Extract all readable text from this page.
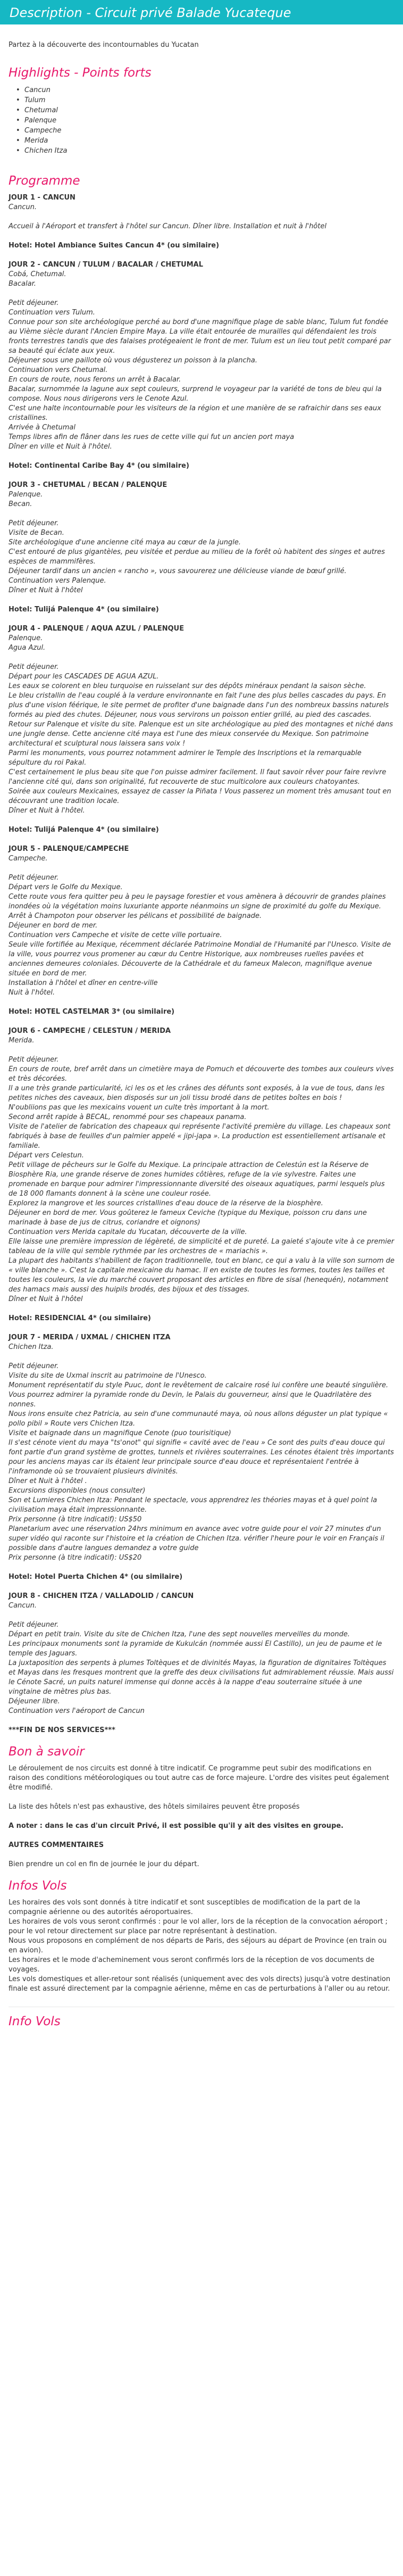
Description - Circuit privé Balade Yucateque

Partez à la découverte des incontournables du Yucatan

Highlights - Points forts
• Cancun
• Tulum
• Chetumal
• Palenque
• Campeche
• Merida
• Chichen Itza
Programme
JOUR 1 - CANCUN

Cancun.

Accueil à l'Aéroport et transfert à l'hôtel sur Cancun. Dîner libre. Installation et nuit à l'hôtel

Hotel: Hotel Ambiance Suites Cancun 4* (ou similaire)
JOUR 2 - CANCUN / TULUM / BACALAR / CHETUMAL

Cobá, Chetumal.

Bacalar.

Petit déjeuner.

Continuation vers Tulum.

Connue pour son site archéologique perché au bord d'une magnifique plage de sable blanc, Tulum fut fondée au Vième siècle durant l'Ancien Empire Maya. La ville était entourée de murailles qui défendaient les trois fronts terrestres tandis que des falaises protégeaient le front de mer. Tulum est un lieu tout petit comparé par sa beauté qui éclate aux yeux.

Déjeuner sous une paillote où vous dégusterez un poisson à la plancha.

Continuation vers Chetumal.

En cours de route, nous ferons un arrêt à Bacalar.

Bacalar, surnommée la lagune aux sept couleurs, surprend le voyageur par la variété de tons de bleu qui la compose. Nous nous dirigerons vers le Cenote Azul.

C'est une halte incontournable pour les visiteurs de la région et une manière de se rafraichir dans ses eaux cristallines.

Arrivée à Chetumal

Temps libres afin de flâner dans les rues de cette ville qui fut un ancien port maya

Dîner en ville et Nuit à l'hôtel.

Hotel: Continental Caribe Bay 4* (ou similaire)
JOUR 3 - CHETUMAL / BECAN / PALENQUE

Palenque.

Becan.

Petit déjeuner.

Visite de Becan.

Site archéologique d'une ancienne cité maya au cœur de la jungle.

C'est entouré de plus gigantèles, peu visitée et perdue au milieu de la forêt où habitent des singes et autres espèces de mammifères.

Déjeuner tardif dans un ancien « rancho », vous savourerez une délicieuse viande de bœuf grillé.

Continuation vers Palenque.

Dîner et Nuit à l'hôtel

Hotel: Tulijá Palenque 4* (ou similaire)
JOUR 4 - PALENQUE / AQUA AZUL / PALENQUE

Palenque.

Agua Azul.

Petit déjeuner.

Départ pour les CASCADES DE AGUA AZUL.

Les eaux se colorent en bleu turquoise en ruisselant sur des dépôts minéraux pendant la saison sèche.

Le bleu cristallin de l'eau couplé à la verdure environnante en fait l'une des plus belles cascades du pays. En plus d'une vision féérique, le site permet de profiter d'une baignade dans l'un des nombreux bassins naturels formés au pied des chutes. Déjeuner, nous vous servirons un poisson entier grillé, au pied des cascades.

Retour sur Palenque et visite du site. Palenque est un site archéologique au pied des montagnes et niché dans une jungle dense. Cette ancienne cité maya est l'une des mieux conservée du Mexique. Son patrimoine architectural et sculptural nous laissera sans voix !

Parmi les monuments, vous pourrez notamment admirer le Temple des Inscriptions et la remarquable sépulture du roi Pakal.

C'est certainement le plus beau site que l'on puisse admirer facilement. Il faut savoir rêver pour faire revivre l'ancienne cité qui, dans son originalité, fut recouverte de stuc multicolore aux couleurs chatoyantes.

Soirée aux couleurs Mexicaines, essayez de casser la Piñata ! Vous passerez un moment très amusant tout en découvrant une tradition locale.

Dîner et Nuit à l'hôtel.

Hotel: Tulijá Palenque 4* (ou similaire)
JOUR 5 - PALENQUE/CAMPECHE

Campeche.

Petit déjeuner.

Départ vers le Golfe du Mexique.

Cette route vous fera quitter peu à peu le paysage forestier et vous amènera à découvrir de grandes plaines inondées où la végétation moins luxuriante apporte néanmoins un signe de proximité du golfe du Mexique. Arrêt à Champoton pour observer les pélicans et possibilité de baignade.

Déjeuner en bord de mer.

Continuation vers Campeche et visite de cette ville portuaire.

Seule ville fortifiée au Mexique, récemment déclarée Patrimoine Mondial de l'Humanité par l'Unesco. Visite de la ville, vous pourrez vous promener au cœur du Centre Historique, aux nombreuses ruelles pavées et anciennes demeures coloniales. Découverte de la Cathédrale et du fameux Malecon, magnifique avenue située en bord de mer.

Installation à l'hôtel et dîner en centre-ville

Nuit à l'hôtel.

Hotel: HOTEL CASTELMAR 3* (ou similaire)
JOUR 6 - CAMPECHE / CELESTUN / MERIDA

Merida.

Petit déjeuner.

En cours de route, bref arrêt dans un cimetière maya de Pomuch et découverte des tombes aux couleurs vives et très décorées.

Il a une très grande particularité, ici les os et les crânes des défunts sont exposés, à la vue de tous, dans les petites niches des caveaux, bien disposés sur un joli tissu brodé dans de petites boîtes en bois !

N'oubliions pas que les mexicains vouent un culte très important à la mort.

Second arrêt rapide à BECAL, renommé pour ses chapeaux panama.

Visite de l'atelier de fabrication des chapeaux qui représente l'activité première du village. Les chapeaux sont fabriqués à base de feuilles d'un palmier appelé « jipi-japa ». La production est essentiellement artisanale et familiale.

Départ vers Celestun.

Petit village de pêcheurs sur le Golfe du Mexique. La principale attraction de Celestún est la Réserve de Biosphère Ria, une grande réserve de zones humides côtières, refuge de la vie sylvestre. Faites une promenade en barque pour admirer l'impressionnante diversité des oiseaux aquatiques, parmi lesquels plus de 18 000 flamants donnent à la scène une couleur rosée.

Explorez la mangrove et les sources cristallines d'eau douce de la réserve de la biosphère.

Déjeuner en bord de mer. Vous goûterez le fameux Ceviche (typique du Mexique, poisson cru dans une marinade à base de jus de citrus, coriandre et oignons)

Continuation vers Merida capitale du Yucatan, découverte de la ville.

Elle laisse une première impression de légèreté, de simplicité et de pureté. La gaieté s'ajoute vite à ce premier tableau de la ville qui semble rythmée par les orchestres de « mariachis ».

La plupart des habitants s'habillent de façon traditionnelle, tout en blanc, ce qui a valu à la ville son surnom de « ville blanche ». C'est la capitale mexicaine du hamac. Il en existe de toutes les formes, toutes les tailles et toutes les couleurs, la vie du marché couvert proposant des articles en fibre de sisal (henequén), notamment des hamacs mais aussi des huipils brodés, des bijoux et des tissages.

Dîner et Nuit à l'hôtel

Hotel: RESIDENCIAL 4* (ou similaire)
JOUR 7 - MERIDA / UXMAL / CHICHEN ITZA

Chichen Itza.

Petit déjeuner.

Visite du site de Uxmal inscrit au patrimoine de l'Unesco.

Monument représentatif du style Puuc, dont le revêtement de calcaire rosé lui confère une beauté singulière.

Vous pourrez admirer la pyramide ronde du Devin, le Palais du gouverneur, ainsi que le Quadrilatère des nonnes.

Nous irons ensuite chez Patricia, au sein d'une communauté maya, où nous allons déguster un plat typique « pollo pibil » Route vers Chichen Itza.

Visite et baignade dans un magnifique Cenote (puo tourisitique)

Il s'est cénote vient du maya "ts'onot" qui signifie « cavité avec de l'eau » Ce sont des puits d'eau douce qui font partie d'un grand système de grottes, tunnels et rivières souterraines. Les cénotes étaient très importants pour les anciens mayas car ils étaient leur principale source d'eau douce et représentaient l'entrée à l'inframonde où se trouvaient plusieurs divinités.

Dîner et Nuit à l'hôtel .

Excursions disponibles (nous consulter)

Son et Lumieres Chichen Itza: Pendant le spectacle, vous apprendrez les théories mayas et à quel point la civilisation maya était impressionnante.

Prix personne (à titre indicatif): US$50

Planetarium avec une réservation 24hrs minimum en avance avec votre guide pour el voir 27 minutes d'un super vidéo qui raconte sur l'histoire et la création de Chichen Itza. vérifier l'heure pour le voir en Français il possible dans d'autre langues demandez a votre guide

Prix personne (à titre indicatif): US$20

Hotel: Hotel Puerta Chichen 4* (ou similaire)
JOUR 8 - CHICHEN ITZA / VALLADOLID / CANCUN

Cancun.

Petit déjeuner.

Départ en petit train. Visite du site de Chichen Itza, l'une des sept nouvelles merveilles du monde.

Les principaux monuments sont la pyramide de Kukulcán (nommée aussi El Castillo), un jeu de paume et le temple des Jaguars.

La juxtaposition des serpents à plumes Toltèques et de divinités Mayas, la figuration de dignitaires Toltèques et Mayas dans les fresques montrent que la greffe des deux civilisations fut admirablement réussie. Mais aussi le Cénote Sacré, un puits naturel immense qui donne accès à la nappe d'eau souterraine située à une vingtaine de mètres plus bas.

Déjeuner libre.

Continuation vers l'aéroport de Cancun

***FIN DE NOS SERVICES***
Bon à savoir

Le déroulement de nos circuits est donné à titre indicatif. Ce programme peut subir des modifications en raison des conditions météorologiques ou tout autre cas de force majeure. L'ordre des visites peut également être modifié.

La liste des hôtels n'est pas exhaustive, des hôtels similaires peuvent être proposés

A noter : dans le cas d'un circuit Privé, il est possible qu'il y ait des visites en groupe.

AUTRES COMMENTAIRES

Bien prendre un col en fin de journée le jour du départ.

Infos Vols

Les horaires des vols sont donnés à titre indicatif et sont susceptibles de modification de la part de la compagnie aérienne ou des autorités aéroportuaires.

Les horaires de vols vous seront confirmés : pour le vol aller, lors de la réception de la convocation aéroport ; pour le vol retour directement sur place par notre représentant à destination.

Nous vous proposons en complément de nos départs de Paris, des séjours au départ de Province (en train ou en avion).

Les horaires et le mode d'acheminement vous seront confirmés lors de la réception de vos documents de voyages.

Les vols domestiques et aller-retour sont réalisés (uniquement avec des vols directs) jusqu'à votre destination finale est assuré directement par la compagnie aérienne, même en cas de perturbations à l'aller ou au retour.

Info Vols
